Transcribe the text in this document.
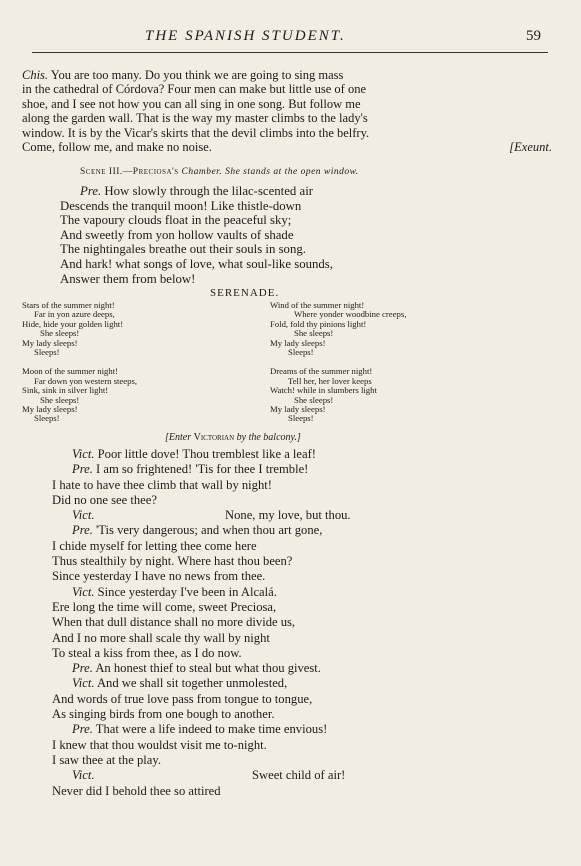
THE SPANISH STUDENT.	59
Chis. You are too many. Do you think we are going to sing mass
in the cathedral of Córdova? Four men can make but little use of one
shoe, and I see not how you can all sing in one song. But follow me
along the garden wall. That is the way my master climbs to the lady's
window. It is by the Vicar's skirts that the devil climbs into the belfry.
Come, follow me, and make no noise.	[Exeunt.
Scene III.—Preciosa's Chamber. She stands at the open window.
Pre. How slowly through the lilac-scented air
Descends the tranquil moon! Like thistle-down
The vapoury clouds float in the peaceful sky;
And sweetly from yon hollow vaults of shade
The nightingales breathe out their souls in song.
And hark! what songs of love, what soul-like sounds,
Answer them from below!
SERENADE.
Stars of the summer night!
Far in yon azure deeps,
Hide, hide your golden light!
She sleeps!
My lady sleeps!
Sleeps!
Moon of the summer night!
Far down yon western steeps,
Sink, sink in silver light!
She sleeps!
My lady sleeps!
Sleeps!
Wind of the summer night!
Where yonder woodbine creeps,
Fold, fold thy pinions light!
She sleeps!
My lady sleeps!
Sleeps!
Dreams of the summer night!
Tell her, her lover keeps
Watch! while in slumbers light
She sleeps!
My lady sleeps!
Sleeps!
[Enter Victorian by the balcony.]
Vict. Poor little dove! Thou tremblest like a leaf!
Pre. I am so frightened! 'Tis for thee I tremble!
I hate to have thee climb that wall by night!
Did no one see thee?
Vict.	None, my love, but thou.
Pre. 'Tis very dangerous; and when thou art gone,
I chide myself for letting thee come here
Thus stealthily by night. Where hast thou been?
Since yesterday I have no news from thee.
Vict. Since yesterday I've been in Alcalá.
Ere long the time will come, sweet Preciosa,
When that dull distance shall no more divide us,
And I no more shall scale thy wall by night
To steal a kiss from thee, as I do now.
Pre. An honest thief to steal but what thou givest.
Vict. And we shall sit together unmolested,
And words of true love pass from tongue to tongue,
As singing birds from one bough to another.
Pre. That were a life indeed to make time envious!
I knew that thou wouldst visit me to-night.
I saw thee at the play.
Vict.	Sweet child of air!
Never did I behold thee so attired
